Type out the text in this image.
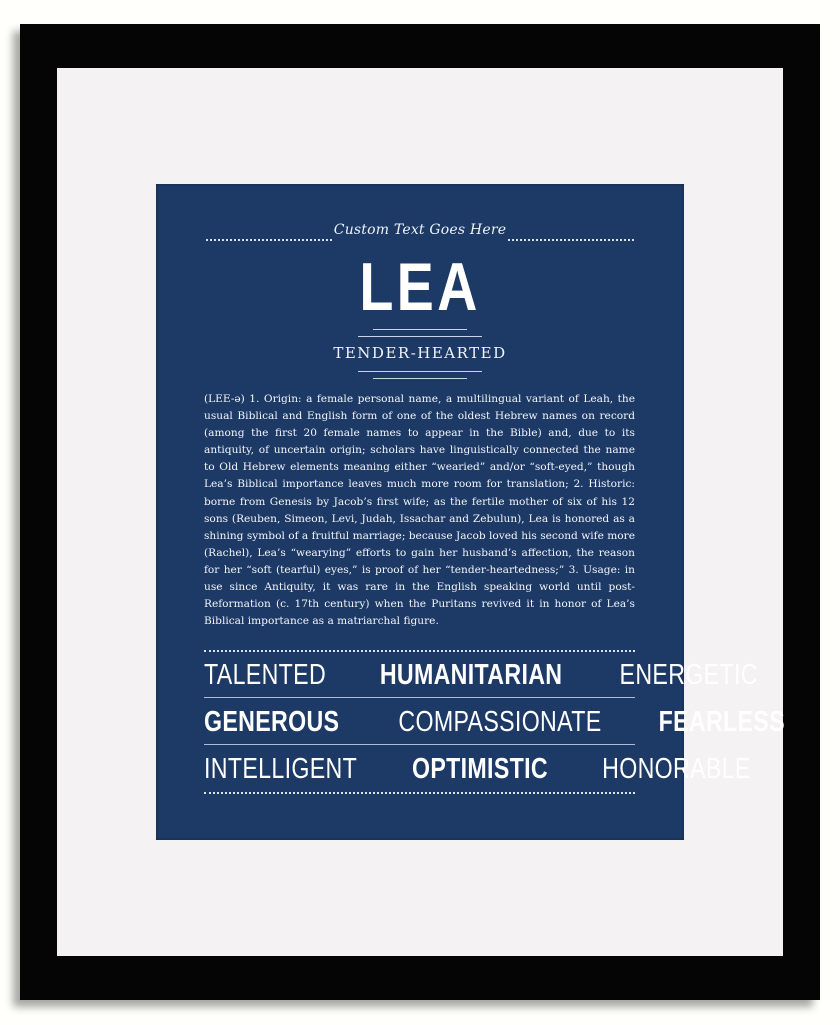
Custom Text Goes Here
LEA
TENDER-HEARTED
(LEE-ə) 1. Origin: a female personal name, a multilingual variant of Leah, the usual Biblical and English form of one of the oldest Hebrew names on record (among the first 20 female names to appear in the Bible) and, due to its antiquity, of uncertain origin; scholars have linguistically connected the name to Old Hebrew elements meaning either “wearied” and/or “soft-eyed,” though Lea’s Biblical importance leaves much more room for translation; 2. Historic: borne from Genesis by Jacob’s first wife; as the fertile mother of six of his 12 sons (Reuben, Simeon, Levi, Judah, Issachar and Zebulun), Lea is honored as a shining symbol of a fruitful marriage; because Jacob loved his second wife more (Rachel), Lea’s “wearying” efforts to gain her husband’s affection, the reason for her “soft (tearful) eyes,” is proof of her “tender-heartedness;” 3. Usage: in use since Antiquity, it was rare in the English speaking world until post-Reformation (c. 17th century) when the Puritans revived it in honor of Lea’s Biblical importance as a matriarchal figure.
TALENTED HUMANITARIAN ENERGETIC
GENEROUS COMPASSIONATE FEARLESS
INTELLIGENT OPTIMISTIC HONORABLE
